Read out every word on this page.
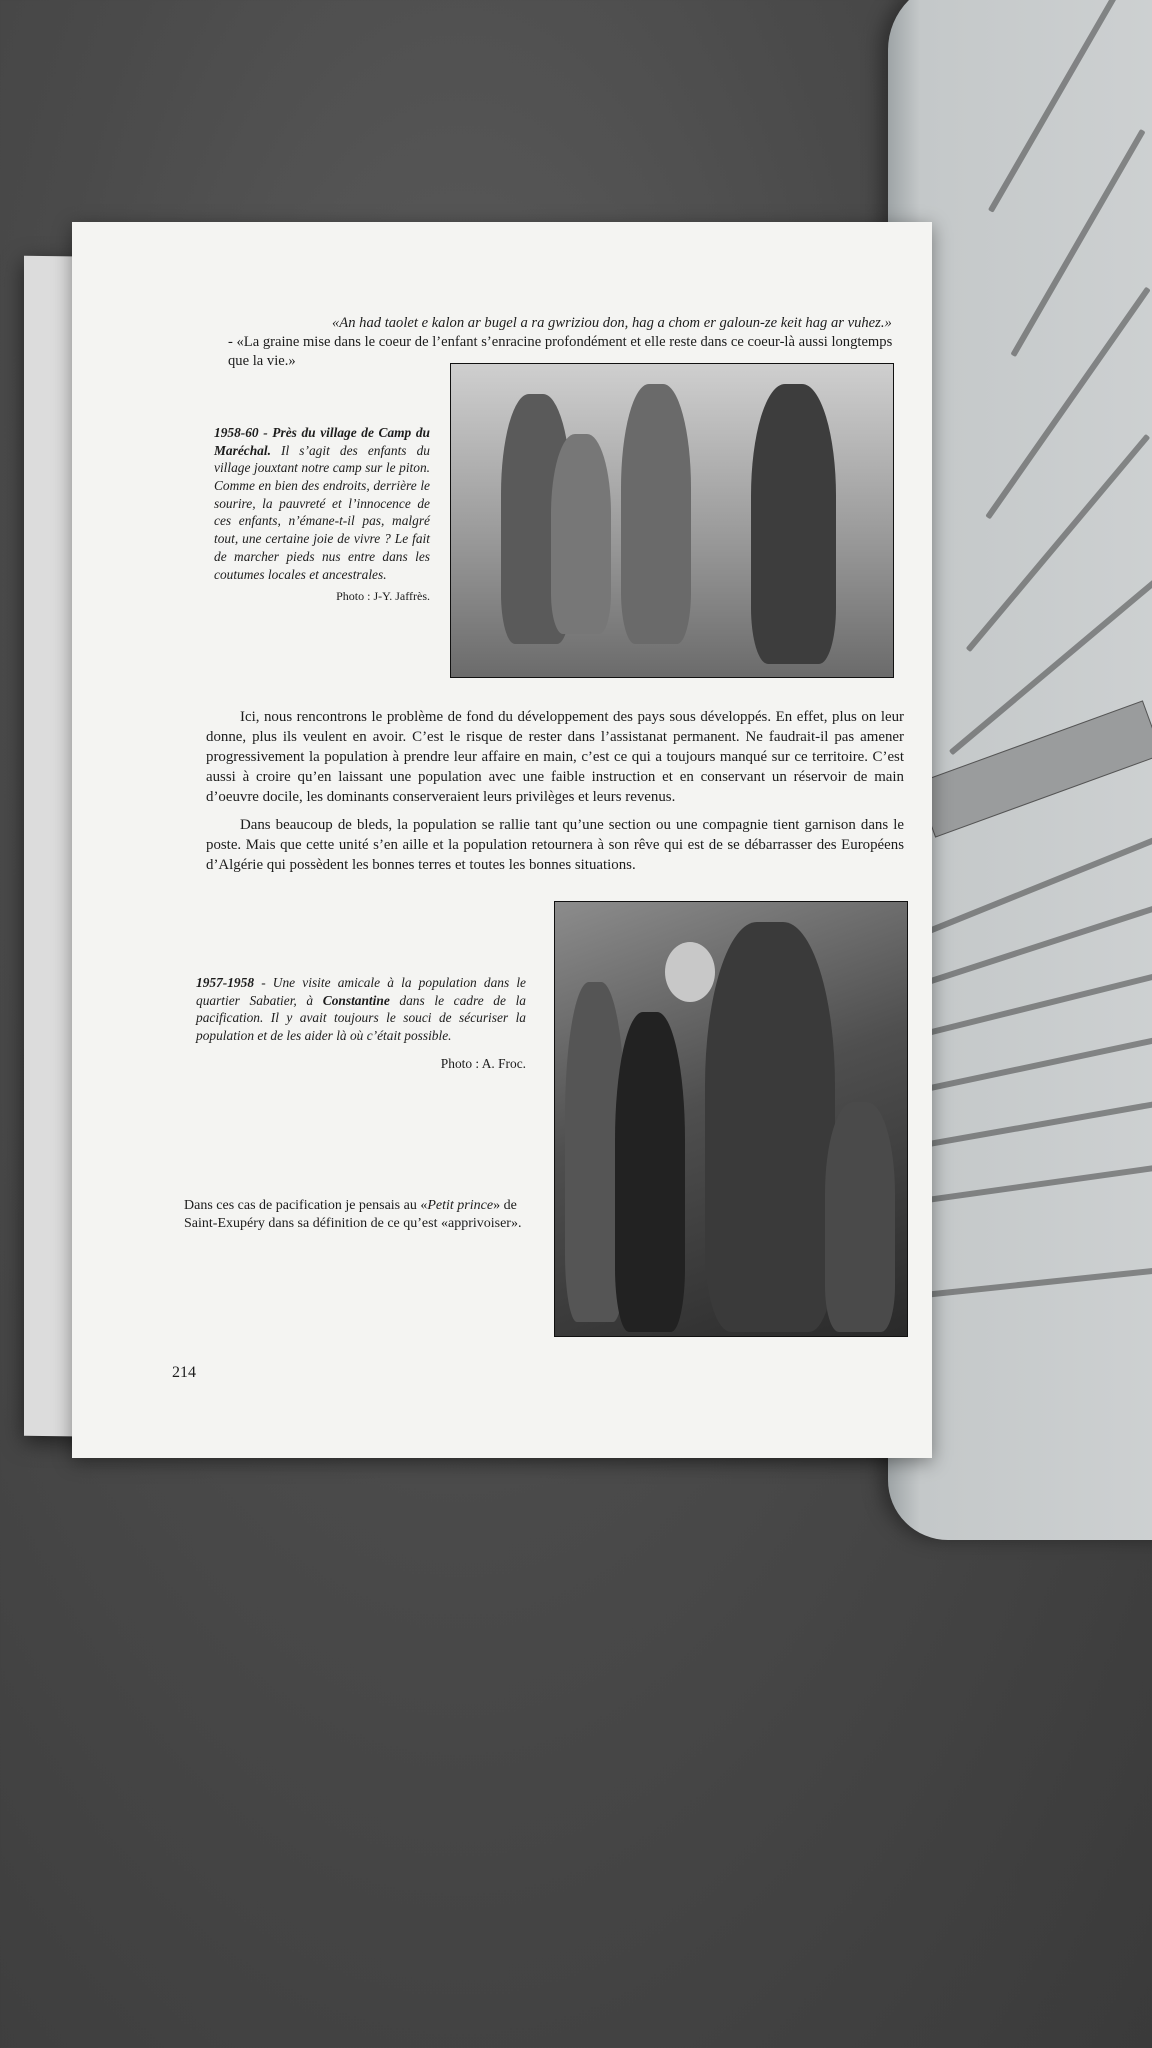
«An had taolet e kalon ar bugel a ra gwriziou don, hag a chom er galoun-ze keit hag ar vuhez.»
- «La graine mise dans le coeur de l’enfant s’enracine profondément et elle reste dans ce coeur-là aussi longtemps que la vie.»
1958-60 - Près du village de Camp du Maréchal. Il s’agit des enfants du village jouxtant notre camp sur le piton. Comme en bien des endroits, derrière le sourire, la pauvreté et l’innocence de ces enfants, n’émane-t-il pas, malgré tout, une certaine joie de vivre ? Le fait de marcher pieds nus entre dans les coutumes locales et ancestrales.
Photo : J-Y. Jaffrès.

Ici, nous rencontrons le problème de fond du développement des pays sous développés. En effet, plus on leur donne, plus ils veulent en avoir. C’est le risque de rester dans l’assistanat permanent. Ne faudrait-il pas amener progressivement la population à prendre leur affaire en main, c’est ce qui a toujours manqué sur ce territoire. C’est aussi à croire qu’en laissant une population avec une faible instruction et en conservant un réservoir de main d’oeuvre docile, les dominants conserveraient leurs privilèges et leurs revenus.

Dans beaucoup de bleds, la population se rallie tant qu’une section ou une compagnie tient garnison dans le poste. Mais que cette unité s’en aille et la population retournera à son rêve qui est de se débarrasser des Européens d’Algérie qui possèdent les bonnes terres et toutes les bonnes situations.

1957-1958 - Une visite amicale à la population dans le quartier Sabatier, à Constantine dans le cadre de la pacification. Il y avait toujours le souci de sécuriser la population et de les aider là où c’était possible.
Photo : A. Froc.
Dans ces cas de pacification je pensais au «Petit prince» de Saint-Exupéry dans sa définition de ce qu’est «apprivoiser».
214
